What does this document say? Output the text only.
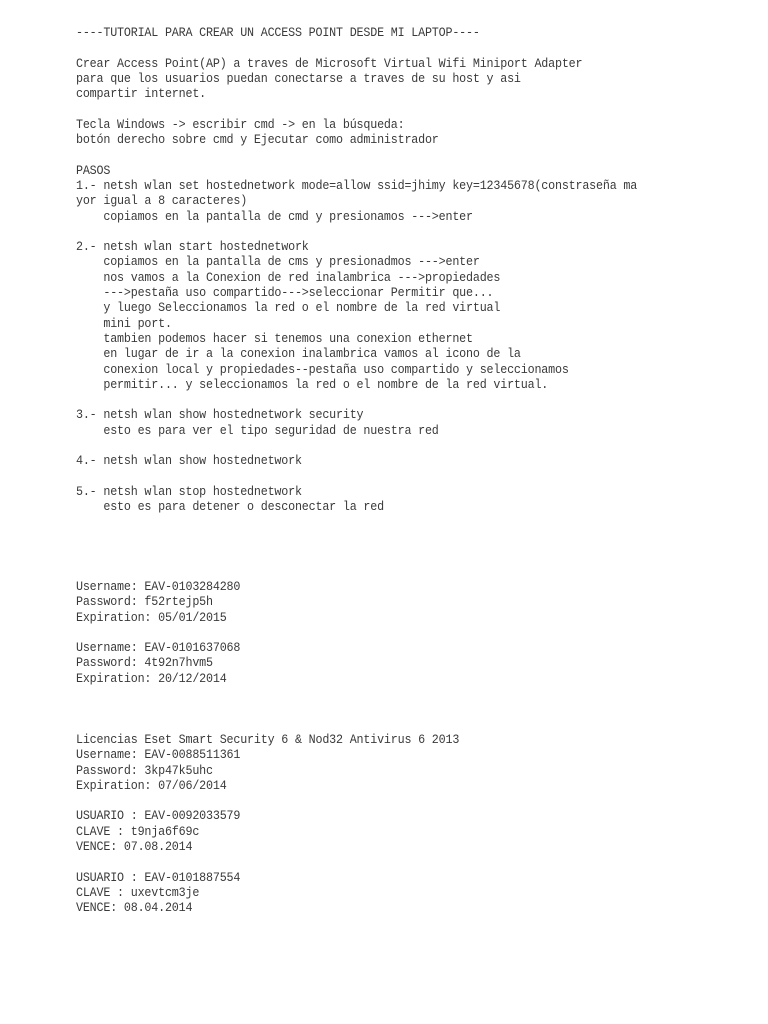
----TUTORIAL PARA CREAR UN ACCESS POINT DESDE MI LAPTOP----

Crear Access Point(AP) a traves de Microsoft Virtual Wifi Miniport Adapter
para que los usuarios puedan conectarse a traves de su host y asi
compartir internet.

Tecla Windows -> escribir cmd -> en la búsqueda:
botón derecho sobre cmd y Ejecutar como administrador

PASOS
1.- netsh wlan set hostednetwork mode=allow ssid=jhimy key=12345678(constraseña ma
yor igual a 8 caracteres)
copiamos en la pantalla de cmd y presionamos --->enter

2.- netsh wlan start hostednetwork
copiamos en la pantalla de cms y presionadmos --->enter
nos vamos a la Conexion de red inalambrica --->propiedades
--->pestaña uso compartido--->seleccionar Permitir que...
y luego Seleccionamos la red o el nombre de la red virtual
mini port.
tambien podemos hacer si tenemos una conexion ethernet
en lugar de ir a la conexion inalambrica vamos al icono de la
conexion local y propiedades--pestaña uso compartido y seleccionamos
permitir... y seleccionamos la red o el nombre de la red virtual.

3.- netsh wlan show hostednetwork security
esto es para ver el tipo seguridad de nuestra red

4.- netsh wlan show hostednetwork

5.- netsh wlan stop hostednetwork
esto es para detener o desconectar la red
Username: EAV-0103284280
Password: f52rtejp5h
Expiration: 05/01/2015

Username: EAV-0101637068
Password: 4t92n7hvm5
Expiration: 20/12/2014

Licencias Eset Smart Security 6 & Nod32 Antivirus 6 2013
Username: EAV-0088511361
Password: 3kp47k5uhc
Expiration: 07/06/2014

USUARIO : EAV-0092033579
CLAVE : t9nja6f69c
VENCE: 07.08.2014

USUARIO : EAV-0101887554
CLAVE : uxevtcm3je
VENCE: 08.04.2014
